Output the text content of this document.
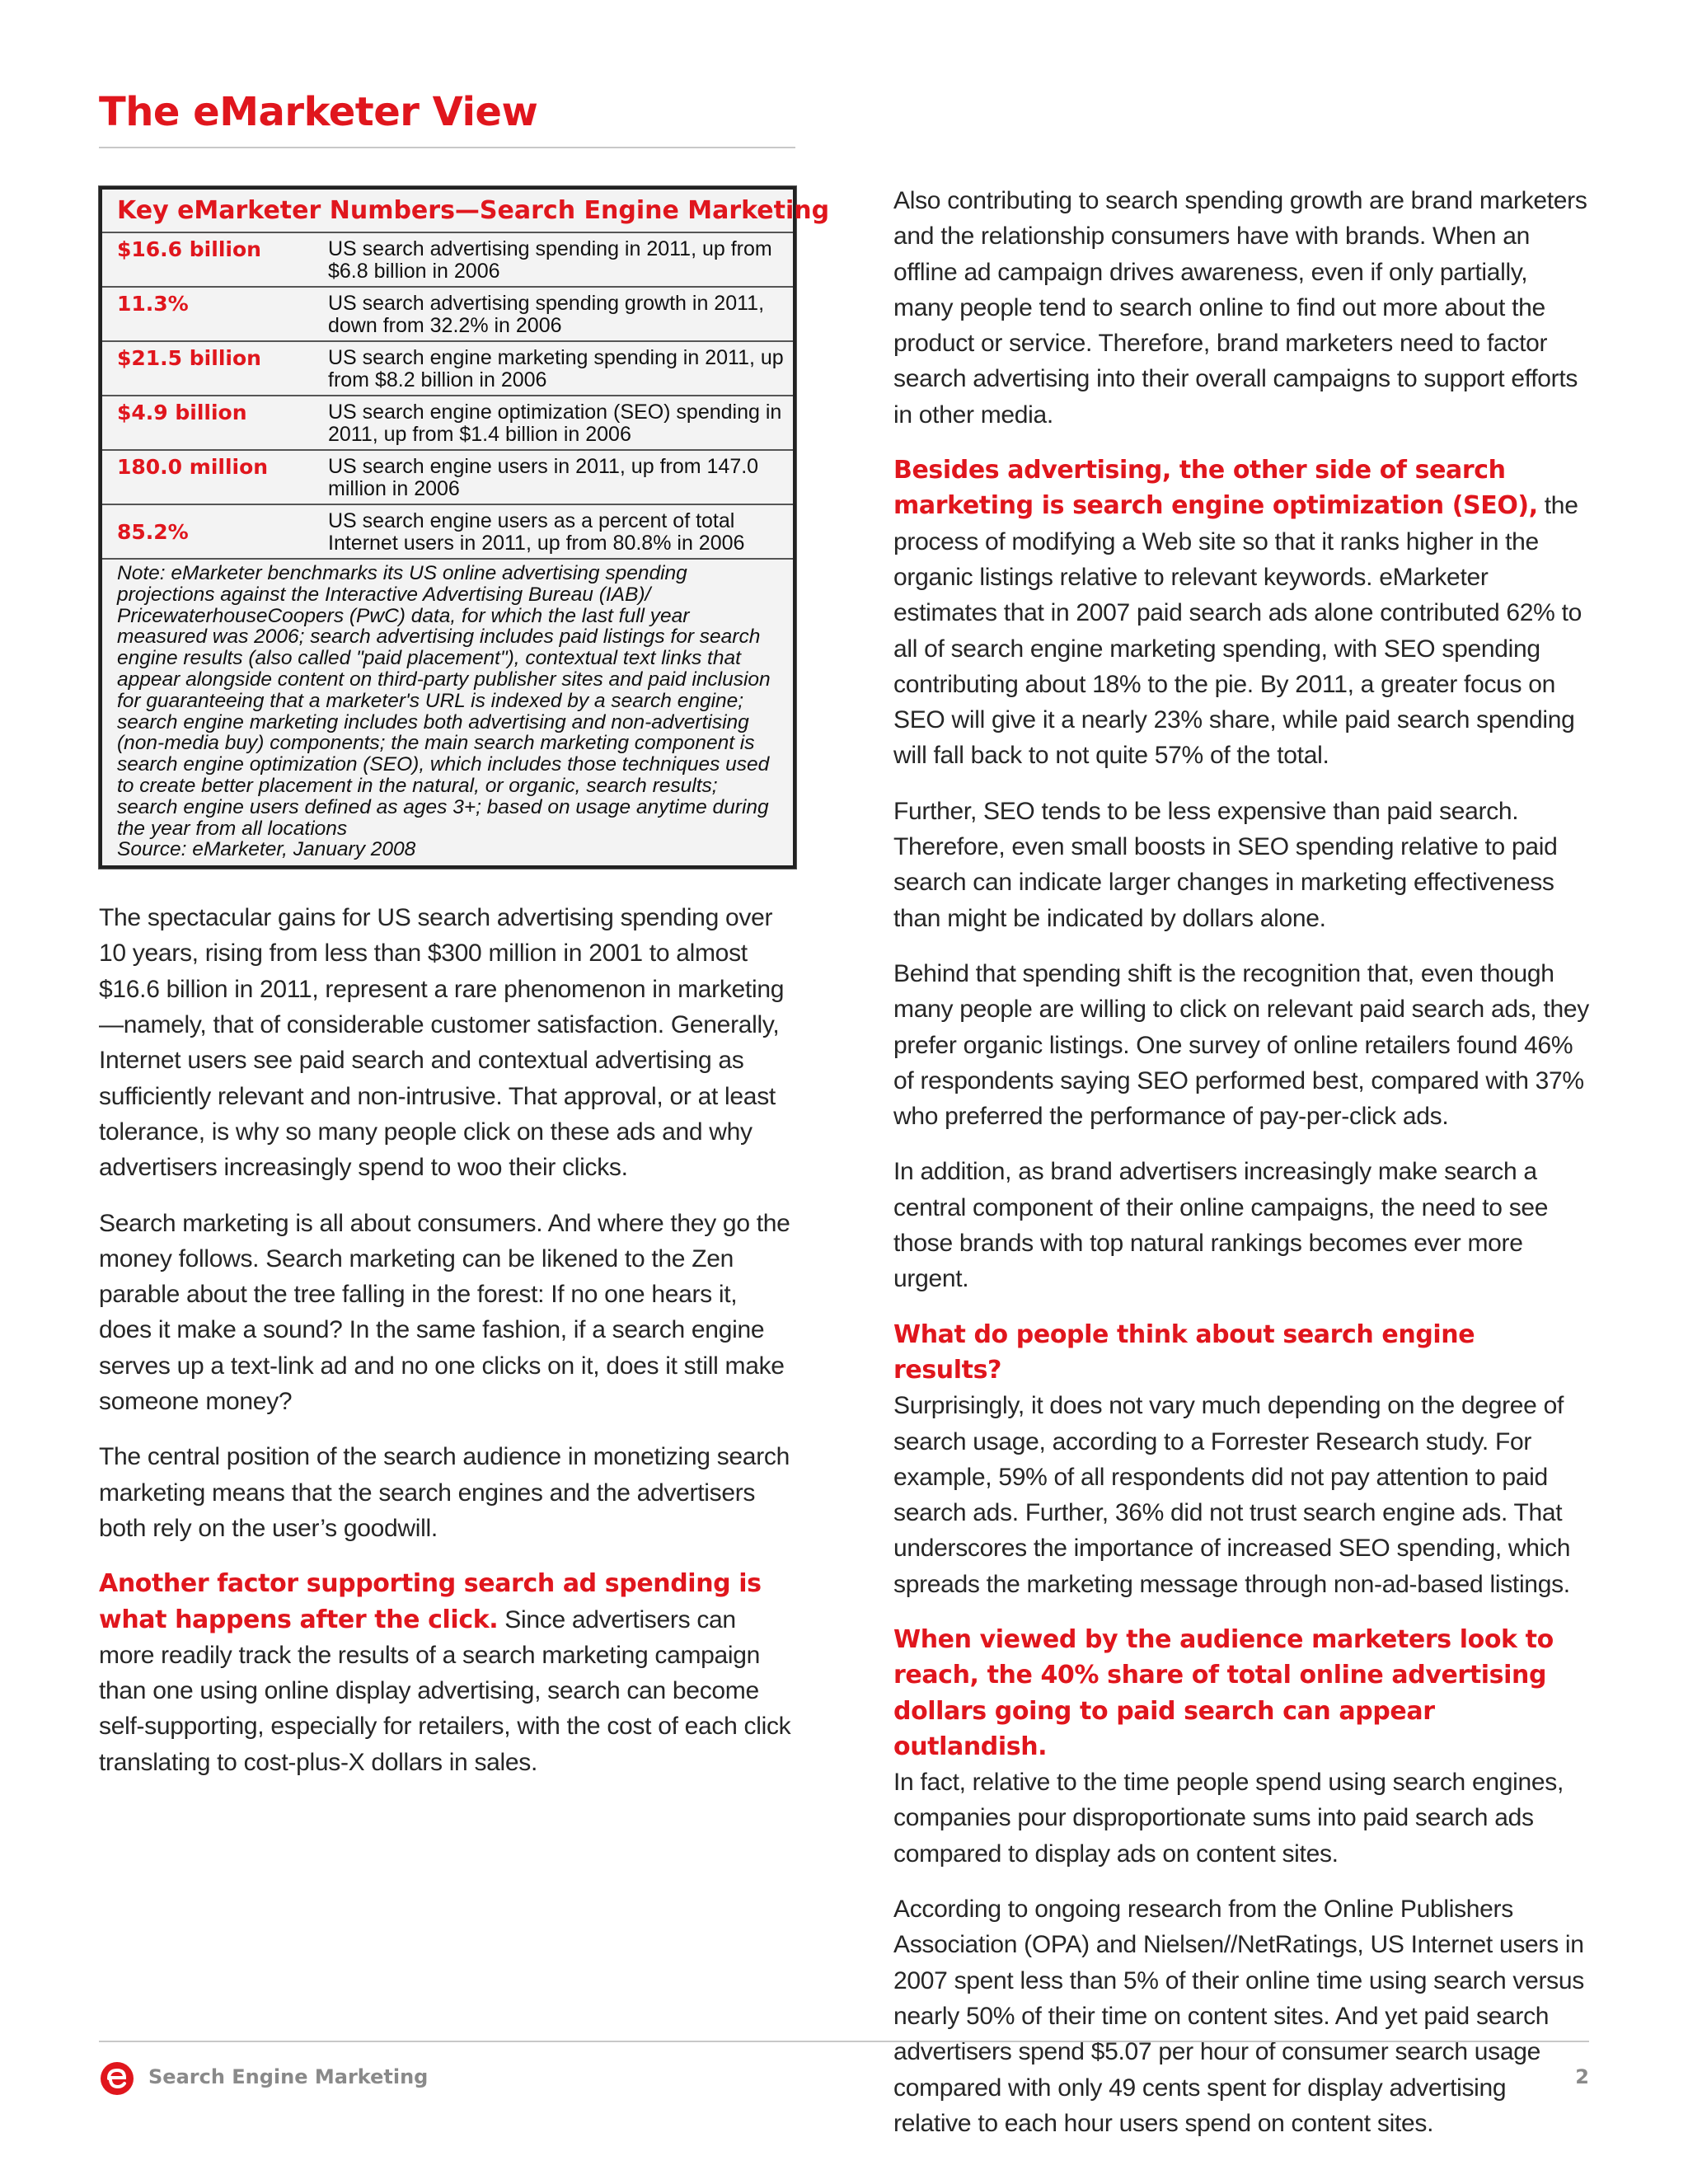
The eMarketer View
Key eMarketer Numbers—Search Engine Marketing
$16.6 billion	US search advertising spending in 2011, up from $6.8 billion in 2006
11.3%	US search advertising spending growth in 2011, down from 32.2% in 2006
$21.5 billion	US search engine marketing spending in 2011, up from $8.2 billion in 2006
$4.9 billion	US search engine optimization (SEO) spending in 2011, up from $1.4 billion in 2006
180.0 million	US search engine users in 2011, up from 147.0 million in 2006
85.2%	US search engine users as a percent of total Internet users in 2011, up from 80.8% in 2006
Note: eMarketer benchmarks its US online advertising spending projections against the Interactive Advertising Bureau (IAB)/ PricewaterhouseCoopers (PwC) data, for which the last full year measured was 2006; search advertising includes paid listings for search engine results (also called "paid placement"), contextual text links that appear alongside content on third-party publisher sites and paid inclusion for guaranteeing that a marketer's URL is indexed by a search engine; search engine marketing includes both advertising and non-advertising (non-media buy) components; the main search marketing component is search engine optimization (SEO), which includes those techniques used to create better placement in the natural, or organic, search results; search engine users defined as ages 3+; based on usage anytime during the year from all locations
Source: eMarketer, January 2008

The spectacular gains for US search advertising spending over 10 years, rising from less than $300 million in 2001 to almost $16.6 billion in 2011, represent a rare phenomenon in marketing—namely, that of considerable customer satisfaction. Generally, Internet users see paid search and contextual advertising as sufficiently relevant and non-intrusive. That approval, or at least tolerance, is why so many people click on these ads and why advertisers increasingly spend to woo their clicks.

Search marketing is all about consumers. And where they go the money follows. Search marketing can be likened to the Zen parable about the tree falling in the forest: If no one hears it, does it make a sound? In the same fashion, if a search engine serves up a text-link ad and no one clicks on it, does it still make someone money?

The central position of the search audience in monetizing search marketing means that the search engines and the advertisers both rely on the user’s goodwill.

Another factor supporting search ad spending is what happens after the click. Since advertisers can more readily track the results of a search marketing campaign than one using online display advertising, search can become self-supporting, especially for retailers, with the cost of each click translating to cost-plus-X dollars in sales.

Also contributing to search spending growth are brand marketers and the relationship consumers have with brands. When an offline ad campaign drives awareness, even if only partially, many people tend to search online to find out more about the product or service. Therefore, brand marketers need to factor search advertising into their overall campaigns to support efforts in other media.

Besides advertising, the other side of search marketing is search engine optimization (SEO), the process of modifying a Web site so that it ranks higher in the organic listings relative to relevant keywords. eMarketer estimates that in 2007 paid search ads alone contributed 62% to all of search engine marketing spending, with SEO spending contributing about 18% to the pie. By 2011, a greater focus on SEO will give it a nearly 23% share, while paid search spending will fall back to not quite 57% of the total.

Further, SEO tends to be less expensive than paid search. Therefore, even small boosts in SEO spending relative to paid search can indicate larger changes in marketing effectiveness than might be indicated by dollars alone.

Behind that spending shift is the recognition that, even though many people are willing to click on relevant paid search ads, they prefer organic listings. One survey of online retailers found 46% of respondents saying SEO performed best, compared with 37% who preferred the performance of pay-per-click ads.

In addition, as brand advertisers increasingly make search a central component of their online campaigns, the need to see those brands with top natural rankings becomes ever more urgent.

What do people think about search engine results?
Surprisingly, it does not vary much depending on the degree of search usage, according to a Forrester Research study. For example, 59% of all respondents did not pay attention to paid search ads. Further, 36% did not trust search engine ads. That underscores the importance of increased SEO spending, which spreads the marketing message through non-ad-based listings.
When viewed by the audience marketers look to reach, the 40% share of total online advertising dollars going to paid search can appear outlandish.
In fact, relative to the time people spend using search engines, companies pour disproportionate sums into paid search ads compared to display ads on content sites.

According to ongoing research from the Online Publishers Association (OPA) and Nielsen//NetRatings, US Internet users in 2007 spent less than 5% of their online time using search versus nearly 50% of their time on content sites. And yet paid search advertisers spend $5.07 per hour of consumer search usage compared with only 49 cents spent for display advertising relative to each hour users spend on content sites.

Search Engine Marketing	2
